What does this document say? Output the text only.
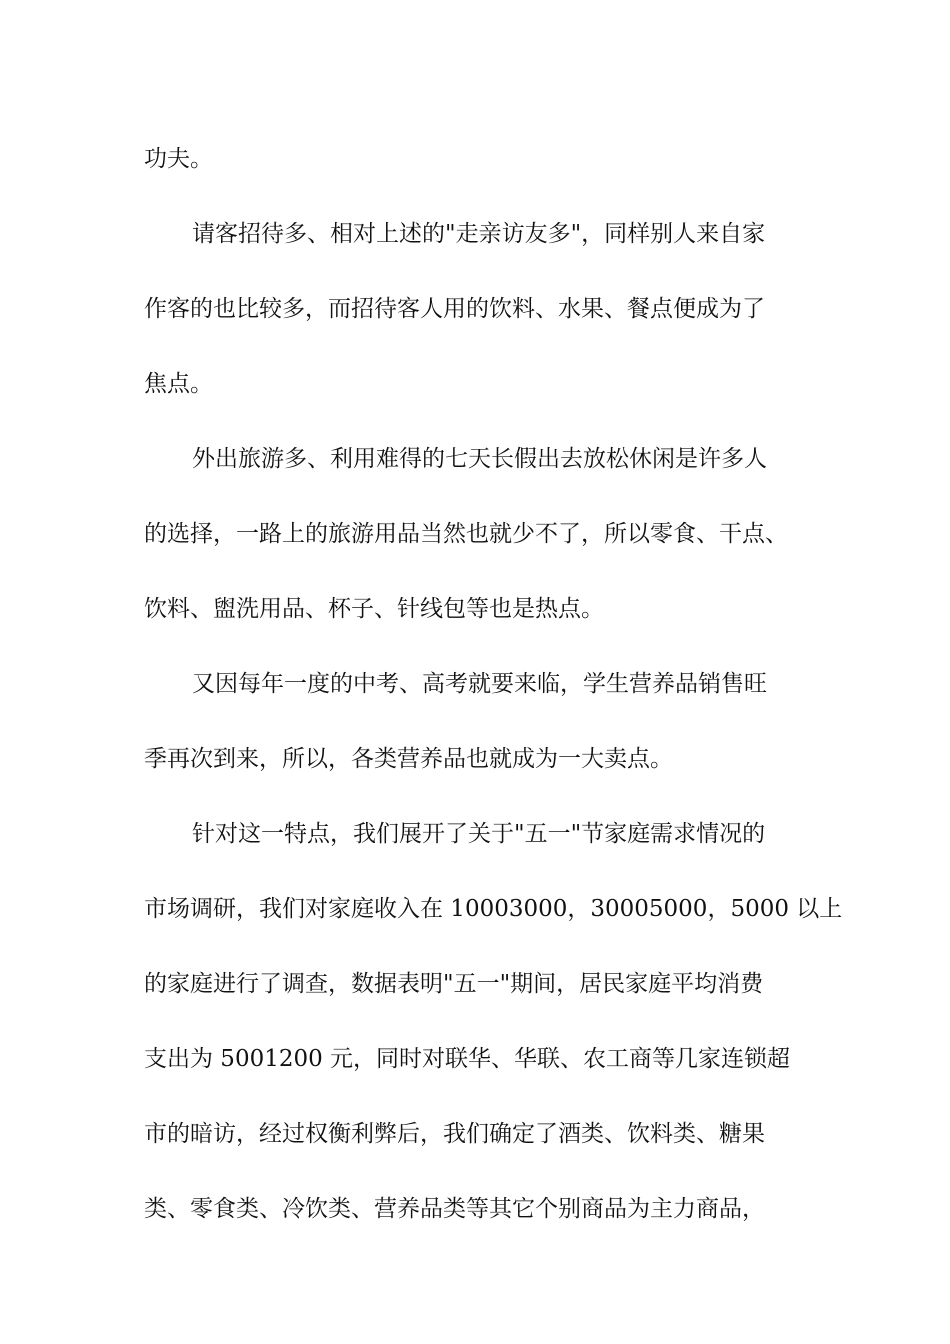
功夫。
请客招待多、相对上述的"走亲访友多"，同样别人来自家
作客的也比较多，而招待客人用的饮料、水果、餐点便成为了
焦点。
外出旅游多、利用难得的七天长假出去放松休闲是许多人
的选择，一路上的旅游用品当然也就少不了，所以零食、干点、
饮料、盥洗用品、杯子、针线包等也是热点。
又因每年一度的中考、高考就要来临，学生营养品销售旺
季再次到来，所以，各类营养品也就成为一大卖点。
针对这一特点，我们展开了关于"五一"节家庭需求情况的
市场调研，我们对家庭收入在 10003000，30005000，5000 以上
的家庭进行了调查，数据表明"五一"期间，居民家庭平均消费
支出为 5001200 元，同时对联华、华联、农工商等几家连锁超
市的暗访，经过权衡利弊后，我们确定了酒类、饮料类、糖果
类、零食类、冷饮类、营养品类等其它个别商品为主力商品，
